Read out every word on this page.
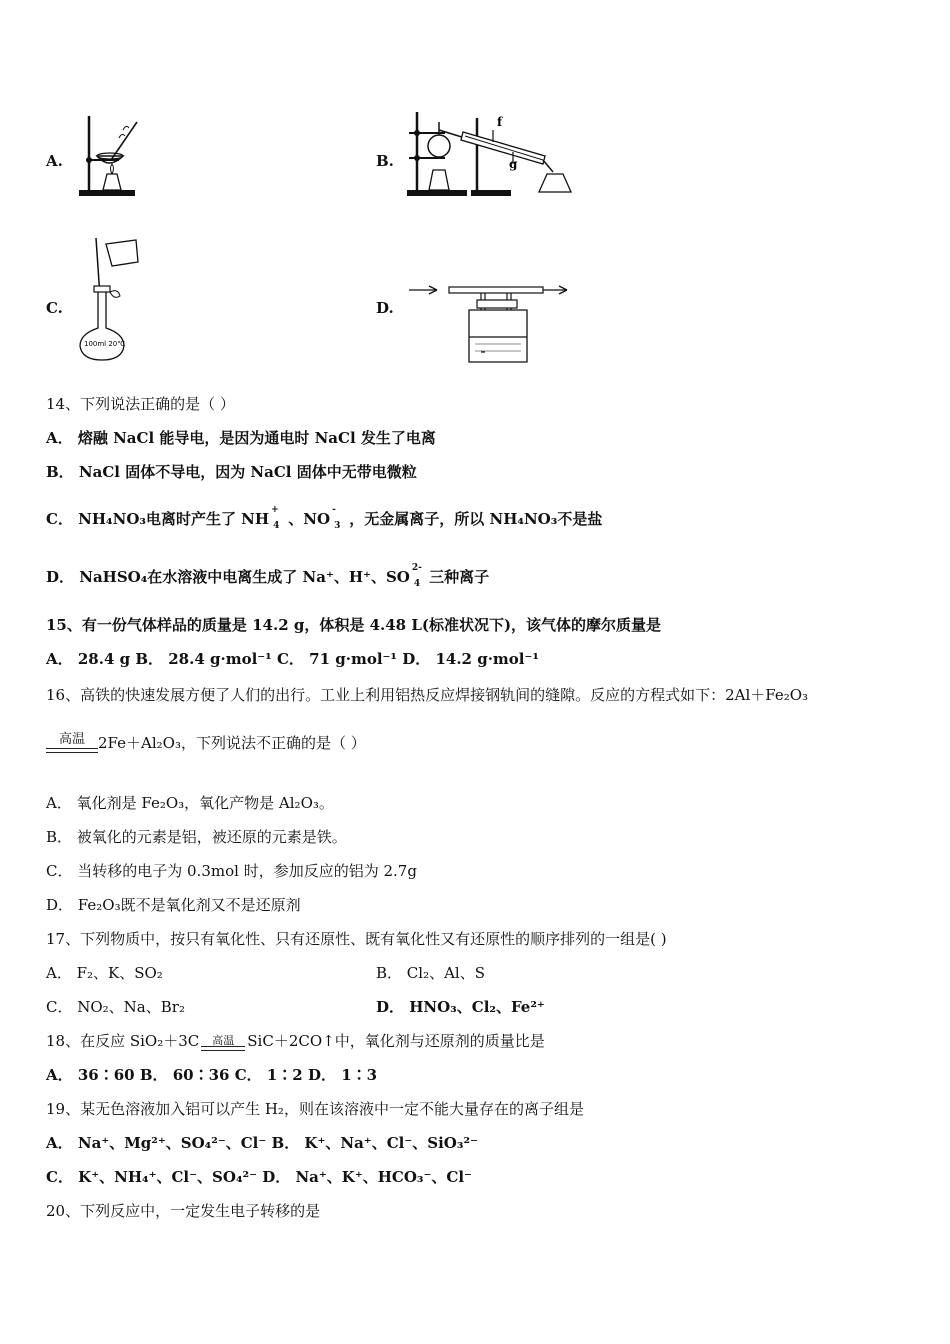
A.	B.
f
g
C.
100ml 20℃
D.
14、下列说法正确的是（ ）
A． 熔融 NaCl 能导电，是因为通电时 NaCl 发生了电离
B． NaCl 固体不导电，因为 NaCl 固体中无带电微粒
C． NH₄NO₃电离时产生了 NH +
4 、NO -
3 ，无金属离子，所以 NH₄NO₃不是盐
D． NaHSO₄在水溶液中电离生成了 Na⁺、H⁺、SO 2-
4 三种离子
15、有一份气体样品的质量是 14.2 g，体积是 4.48 L(标准状况下)，该气体的摩尔质量是
A． 28.4 g B． 28.4 g·mol⁻¹ C． 71 g·mol⁻¹ D． 14.2 g·mol⁻¹
16、高铁的快速发展方便了人们的出行。工业上利用铝热反应焊接钢轨间的缝隙。反应的方程式如下：2Al＋Fe₂O₃
高温 2Fe＋Al₂O₃，下列说法不正确的是（ ）
A． 氧化剂是 Fe₂O₃，氧化产物是 Al₂O₃。
B． 被氧化的元素是铝，被还原的元素是铁。
C． 当转移的电子为 0.3mol 时，参加反应的铝为 2.7g
D． Fe₂O₃既不是氧化剂又不是还原剂
17、下列物质中，按只有氧化性、只有还原性、既有氧化性又有还原性的顺序排列的一组是( )
A． F₂、K、SO₂	B． Cl₂、Al、S
C． NO₂、Na、Br₂	D． HNO₃、Cl₂、Fe²⁺
18、在反应 SiO₂＋3C	高温 SiC＋2CO↑中，氧化剂与还原剂的质量比是
A． 36∶60 B． 60∶36 C． 1∶2 D． 1∶3
19、某无色溶液加入铝可以产生 H₂，则在该溶液中一定不能大量存在的离子组是
A． Na⁺、Mg²⁺、SO₄²⁻、Cl⁻ B． K⁺、Na⁺、Cl⁻、SiO₃²⁻
C． K⁺、NH₄⁺、Cl⁻、SO₄²⁻ D． Na⁺、K⁺、HCO₃⁻、Cl⁻
20、下列反应中，一定发生电子转移的是
